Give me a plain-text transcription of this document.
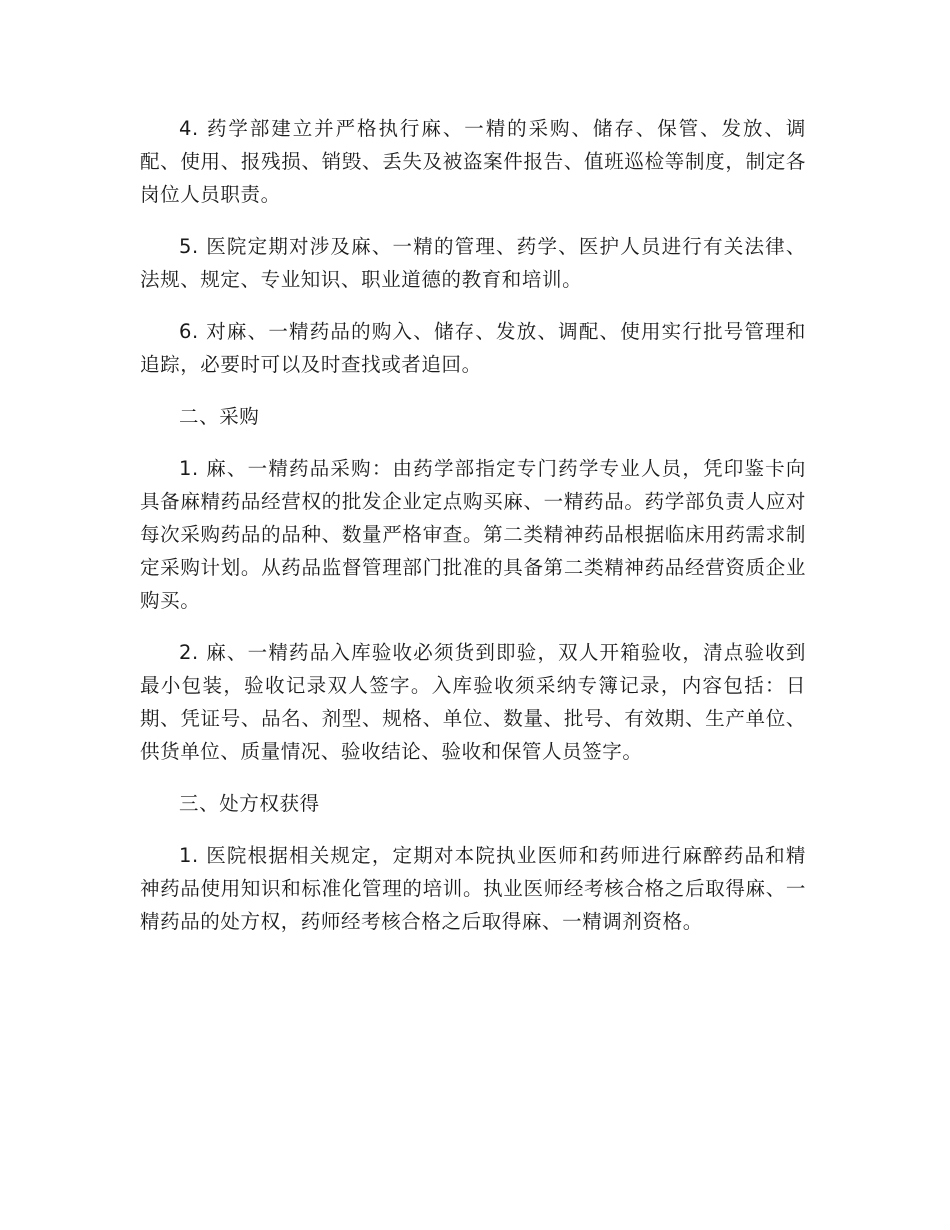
4. 药学部建立并严格执行麻、一精的采购、储存、保管、发放、调配、使用、报残损、销毁、丢失及被盗案件报告、值班巡检等制度，制定各岗位人员职责。

5. 医院定期对涉及麻、一精的管理、药学、医护人员进行有关法律、法规、规定、专业知识、职业道德的教育和培训。

6. 对麻、一精药品的购入、储存、发放、调配、使用实行批号管理和追踪，必要时可以及时查找或者追回。

二、采购

1. 麻、一精药品采购：由药学部指定专门药学专业人员，凭印鉴卡向具备麻精药品经营权的批发企业定点购买麻、一精药品。药学部负责人应对每次采购药品的品种、数量严格审查。第二类精神药品根据临床用药需求制定采购计划。从药品监督管理部门批准的具备第二类精神药品经营资质企业购买。

2. 麻、一精药品入库验收必须货到即验，双人开箱验收，清点验收到最小包装，验收记录双人签字。入库验收须采纳专簿记录，内容包括：日期、凭证号、品名、剂型、规格、单位、数量、批号、有效期、生产单位、供货单位、质量情况、验收结论、验收和保管人员签字。

三、处方权获得

1. 医院根据相关规定，定期对本院执业医师和药师进行麻醉药品和精神药品使用知识和标准化管理的培训。执业医师经考核合格之后取得麻、一精药品的处方权，药师经考核合格之后取得麻、一精调剂资格。
